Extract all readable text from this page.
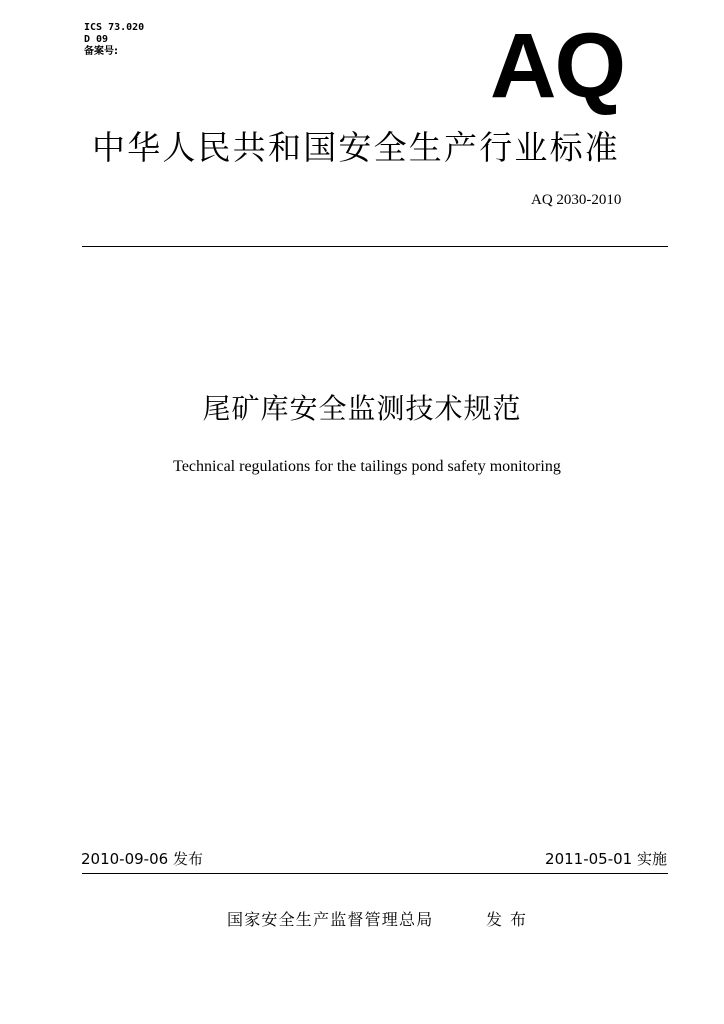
ICS 73.020
D 09
备案号:	AQ
中华人民共和国安全生产行业标准
AQ 2030-2010
尾矿库安全监测技术规范
Technical regulations for the tailings pond safety monitoring
2010-09-06 发布	2011-05-01 实施
国家安全生产监督管理总局	发布
